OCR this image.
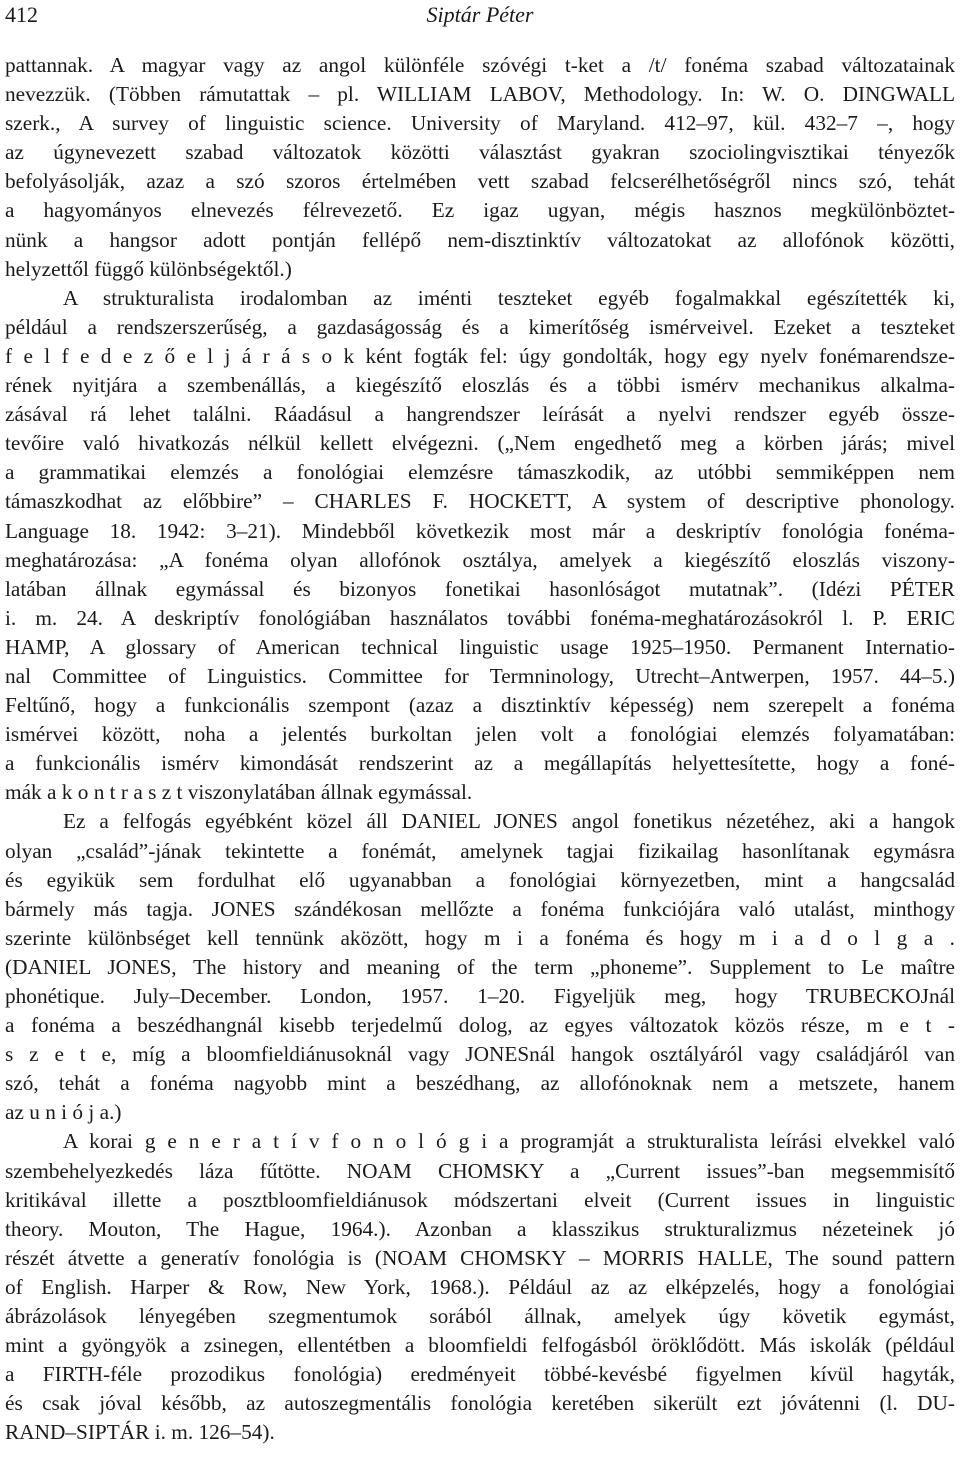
412	Siptár Péter
pattannak. A magyar vagy az angol különféle szóvégi t-ket a /t/ fonéma szabad változatainak
nevezzük. (Többen rámutattak – pl. WILLIAM LABOV, Methodology. In: W. O. DINGWALL
szerk., A survey of linguistic science. University of Maryland. 412–97, kül. 432–7 –, hogy
az úgynevezett szabad változatok közötti választást gyakran szociolingvisztikai tényezők
befolyásolják, azaz a szó szoros értelmében vett szabad felcserélhetőségről nincs szó, tehát
a hagyományos elnevezés félrevezető. Ez igaz ugyan, mégis hasznos megkülönböztet-
nünk a hangsor adott pontján fellépő nem-disztinktív változatokat az allofónok közötti,
helyzettől függő különbségektől.)
A strukturalista irodalomban az iménti teszteket egyéb fogalmakkal egészítették ki,
például a rendszerszerűség, a gazdaságosság és a kimerítőség ismérveivel. Ezeket a teszteket
f e l f e d e z ő e l j á r á s o k ként fogták fel: úgy gondolták, hogy egy nyelv fonémarendsze-
rének nyitjára a szembenállás, a kiegészítő eloszlás és a többi ismérv mechanikus alkalma-
zásával rá lehet találni. Ráadásul a hangrendszer leírását a nyelvi rendszer egyéb össze-
tevőire való hivatkozás nélkül kellett elvégezni. („Nem engedhető meg a körben járás; mivel
a grammatikai elemzés a fonológiai elemzésre támaszkodik, az utóbbi semmiképpen nem
támaszkodhat az előbbire” – CHARLES F. HOCKETT, A system of descriptive phonology.
Language 18. 1942: 3–21). Mindebből következik most már a deskriptív fonológia fonéma-
meghatározása: „A fonéma olyan allofónok osztálya, amelyek a kiegészítő eloszlás viszony-
latában állnak egymással és bizonyos fonetikai hasonlóságot mutatnak”. (Idézi PÉTER
i. m. 24. A deskriptív fonológiában használatos további fonéma-meghatározásokról l. P. ERIC
HAMP, A glossary of American technical linguistic usage 1925–1950. Permanent Internatio-
nal Committee of Linguistics. Committee for Termninology, Utrecht–Antwerpen, 1957. 44–5.)
Feltűnő, hogy a funkcionális szempont (azaz a disztinktív képesség) nem szerepelt a fonéma
ismérvei között, noha a jelentés burkoltan jelen volt a fonológiai elemzés folyamatában:
a funkcionális ismérv kimondását rendszerint az a megállapítás helyettesítette, hogy a foné-
mák a k o n t r a s z t viszonylatában állnak egymással.
Ez a felfogás egyébként közel áll DANIEL JONES angol fonetikus nézetéhez, aki a hangok
olyan „család”-jának tekintette a fonémát, amelynek tagjai fizikailag hasonlítanak egymásra
és egyikük sem fordulhat elő ugyanabban a fonológiai környezetben, mint a hangcsalád
bármely más tagja. JONES szándékosan mellőzte a fonéma funkciójára való utalást, minthogy
szerinte különbséget kell tennünk aközött, hogy m i a fonéma és hogy m i a d o l g a .
(DANIEL JONES, The history and meaning of the term „phoneme”. Supplement to Le maître
phonétique. July–December. London, 1957. 1–20. Figyeljük meg, hogy TRUBECKOJnál
a fonéma a beszédhangnál kisebb terjedelmű dolog, az egyes változatok közös része, m e t -
s z e t e, míg a bloomfieldiánusoknál vagy JONESnál hangok osztályáról vagy családjáról van
szó, tehát a fonéma nagyobb mint a beszédhang, az allofónoknak nem a metszete, hanem
az u n i ó j a.)
A korai g e n e r a t í v f o n o l ó g i a programját a strukturalista leírási elvekkel való
szembehelyezkedés láza fűtötte. NOAM CHOMSKY a „Current issues”-ban megsemmisítő
kritikával illette a posztbloomfieldiánusok módszertani elveit (Current issues in linguistic
theory. Mouton, The Hague, 1964.). Azonban a klasszikus strukturalizmus nézeteinek jó
részét átvette a generatív fonológia is (NOAM CHOMSKY – MORRIS HALLE, The sound pattern
of English. Harper & Row, New York, 1968.). Például az az elképzelés, hogy a fonológiai
ábrázolások lényegében szegmentumok sorából állnak, amelyek úgy követik egymást,
mint a gyöngyök a zsinegen, ellentétben a bloomfieldi felfogásból öröklődött. Más iskolák (például
a FIRTH-féle prozodikus fonológia) eredményeit többé-kevésbé figyelmen kívül hagyták,
és csak jóval később, az autoszegmentális fonológia keretében sikerült ezt jóvátenni (l. DU-
RAND–SIPTÁR i. m. 126–54).
